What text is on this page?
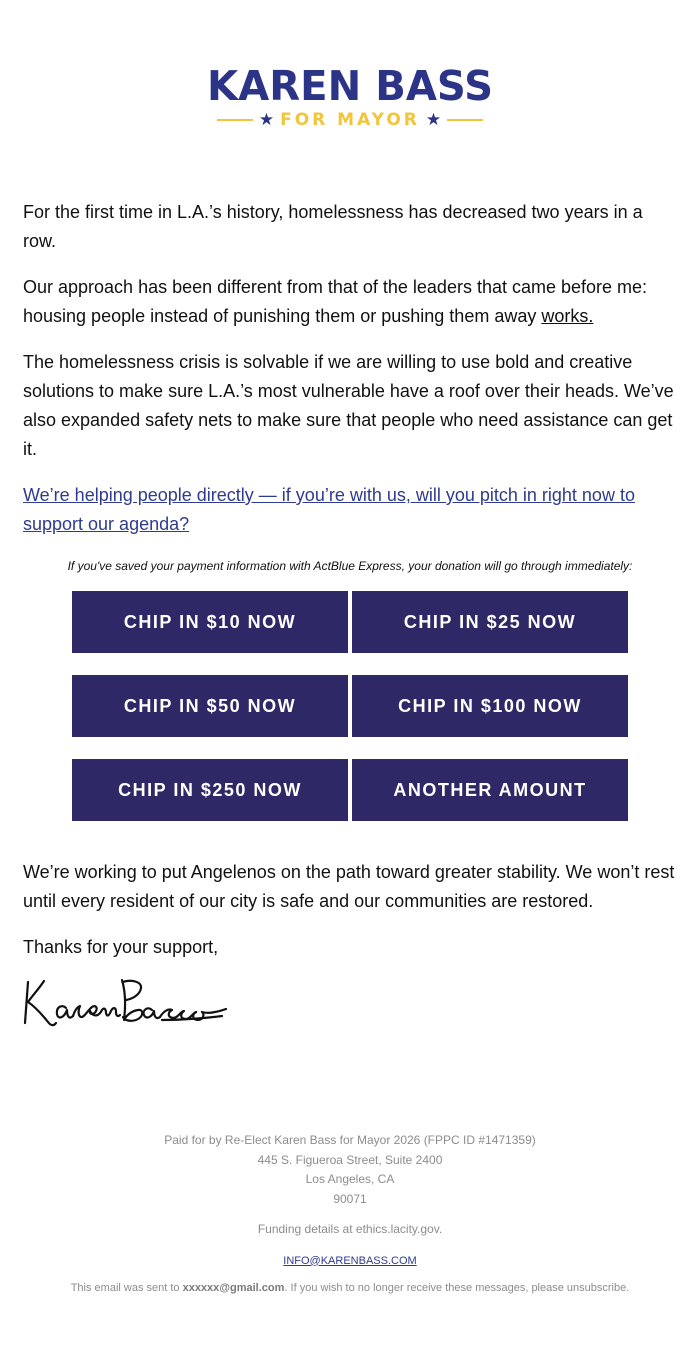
KAREN BASS
★ FOR MAYOR ★

For the first time in L.A.’s history, homelessness has decreased two years in a row.

Our approach has been different from that of the leaders that came before me: housing people instead of punishing them or pushing them away works.

The homelessness crisis is solvable if we are willing to use bold and creative solutions to make sure L.A.’s most vulnerable have a roof over their heads. We’ve also expanded safety nets to make sure that people who need assistance can get it.

We’re helping people directly — if you’re with us, will you pitch in right now to support our agenda?

If you've saved your payment information with ActBlue Express, your donation will go through immediately:
CHIP IN $10 NOW	CHIP IN $25 NOW
CHIP IN $50 NOW	CHIP IN $100 NOW
CHIP IN $250 NOW	ANOTHER AMOUNT

We’re working to put Angelenos on the path toward greater stability. We won’t rest until every resident of our city is safe and our communities are restored.

Thanks for your support,

Paid for by Re-Elect Karen Bass for Mayor 2026 (FPPC ID #1471359)
445 S. Figueroa Street, Suite 2400
Los Angeles, CA
90071
Funding details at ethics.lacity.gov.
INFO@KARENBASS.COM
This email was sent to xxxxxx@gmail.com. If you wish to no longer receive these messages, please unsubscribe.
